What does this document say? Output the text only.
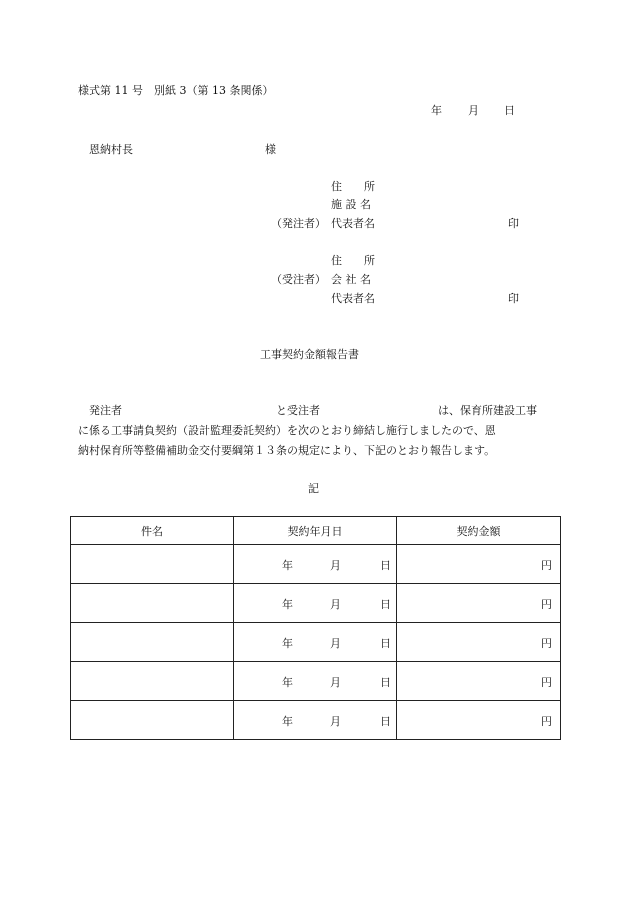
様式第 11 号　別紙 3（第 13 条関係）
年 月 日
恩納村長	様
住　　所
施 設 名
（発注者） 代表者名	印
住　　所
（受注者） 会 社 名
代表者名	印
工事契約金額報告書
発注者	と受注者	は、保育所建設工事
に係る工事請負契約（設計監理委託契約）を次のとおり締結し施行しましたので、恩
納村保育所等整備補助金交付要綱第１３条の規定により、下記のとおり報告します。
記
件名	契約年月日	契約金額

	年 月 日	円

	年 月 日	円

	年 月 日	円

	年 月 日	円

	年 月 日	円
